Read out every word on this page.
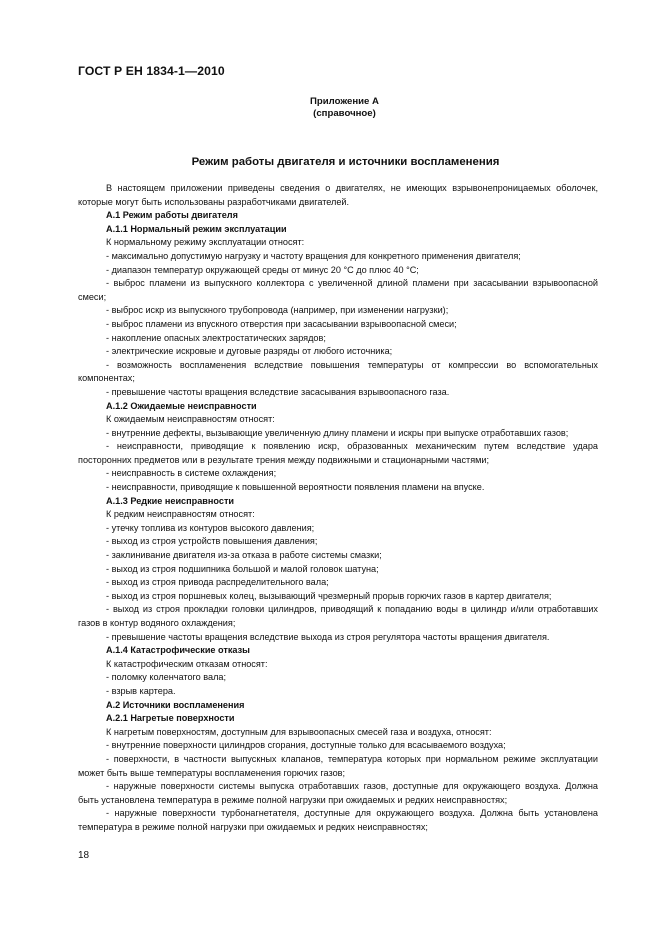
ГОСТ Р ЕН 1834-1—2010
Приложение А
(справочное)
Режим работы двигателя и источники воспламенения

В настоящем приложении приведены сведения о двигателях, не имеющих взрывонепроницаемых оболочек, которые могут быть использованы разработчиками двигателей.

А.1 Режим работы двигателя

А.1.1 Нормальный режим эксплуатации

К нормальному режиму эксплуатации относят:

- максимально допустимую нагрузку и частоту вращения для конкретного применения двигателя;

- диапазон температур окружающей среды от минус 20 °С до плюс 40 °С;

- выброс пламени из выпускного коллектора с увеличенной длиной пламени при засасывании взрывоопасной смеси;

- выброс искр из выпускного трубопровода (например, при изменении нагрузки);

- выброс пламени из впускного отверстия при засасывании взрывоопасной смеси;

- накопление опасных электростатических зарядов;

- электрические искровые и дуговые разряды от любого источника;

- возможность воспламенения вследствие повышения температуры от компрессии во вспомогательных компонентах;

- превышение частоты вращения вследствие засасывания взрывоопасного газа.

А.1.2 Ожидаемые неисправности

К ожидаемым неисправностям относят:

- внутренние дефекты, вызывающие увеличенную длину пламени и искры при выпуске отработавших газов;

- неисправности, приводящие к появлению искр, образованных механическим путем вследствие удара посторонних предметов или в результате трения между подвижными и стационарными частями;

- неисправность в системе охлаждения;

- неисправности, приводящие к повышенной вероятности появления пламени на впуске.

А.1.3 Редкие неисправности

К редким неисправностям относят:

- утечку топлива из контуров высокого давления;

- выход из строя устройств повышения давления;

- заклинивание двигателя из-за отказа в работе системы смазки;

- выход из строя подшипника большой и малой головок шатуна;

- выход из строя привода распределительного вала;

- выход из строя поршневых колец, вызывающий чрезмерный прорыв горючих газов в картер двигателя;

- выход из строя прокладки головки цилиндров, приводящий к попаданию воды в цилиндр и/или отработавших газов в контур водяного охлаждения;

- превышение частоты вращения вследствие выхода из строя регулятора частоты вращения двигателя.

А.1.4 Катастрофические отказы

К катастрофическим отказам относят:

- поломку коленчатого вала;

- взрыв картера.

А.2 Источники воспламенения

А.2.1 Нагретые поверхности

К нагретым поверхностям, доступным для взрывоопасных смесей газа и воздуха, относят:

- внутренние поверхности цилиндров сгорания, доступные только для всасываемого воздуха;

- поверхности, в частности выпускных клапанов, температура которых при нормальном режиме эксплуатации может быть выше температуры воспламенения горючих газов;

- наружные поверхности системы выпуска отработавших газов, доступные для окружающего воздуха. Должна быть установлена температура в режиме полной нагрузки при ожидаемых и редких неисправностях;

- наружные поверхности турбонагнетателя, доступные для окружающего воздуха. Должна быть установлена температура в режиме полной нагрузки при ожидаемых и редких неисправностях;

18
